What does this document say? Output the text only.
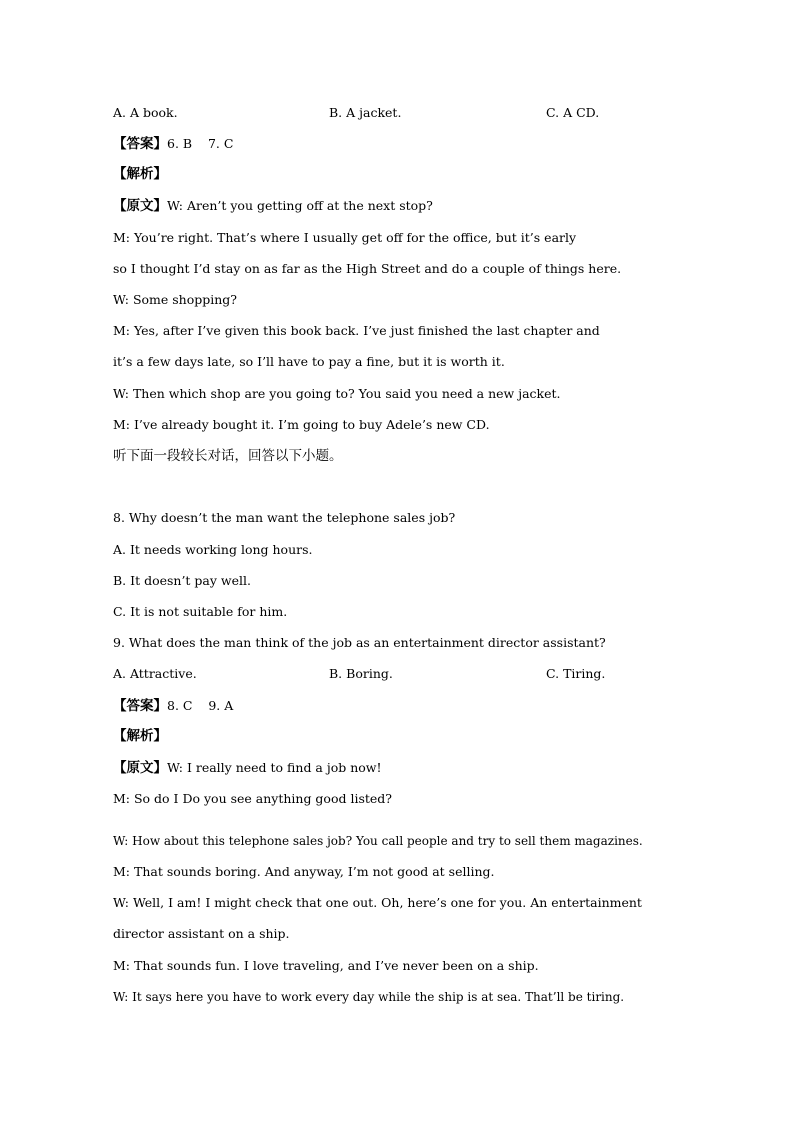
A. A book.	B. A jacket.	C. A CD.
【答案】6. B    7. C
【解析】
【原文】W: Aren’t you getting off at the next stop?
M: You’re right. That’s where I usually get off for the office, but it’s early
so I thought I’d stay on as far as the High Street and do a couple of things here.
W: Some shopping?
M: Yes, after I’ve given this book back. I’ve just finished the last chapter and
it’s a few days late, so I’ll have to pay a fine, but it is worth it.
W: Then which shop are you going to? You said you need a new jacket.
M: I’ve already bought it. I’m going to buy Adele’s new CD.
听下面一段较长对话，回答以下小题。
8. Why doesn’t the man want the telephone sales job?
A. It needs working long hours.
B. It doesn’t pay well.
C. It is not suitable for him.
9. What does the man think of the job as an entertainment director assistant?
A. Attractive.	B. Boring.	C. Tiring.
【答案】8. C    9. A
【解析】
【原文】W: I really need to find a job now!
M: So do I Do you see anything good listed?
W: How about this telephone sales job? You call people and try to sell them magazines.
M: That sounds boring. And anyway, I’m not good at selling.
W: Well, I am! I might check that one out. Oh, here’s one for you. An entertainment
director assistant on a ship.
M: That sounds fun. I love traveling, and I’ve never been on a ship.
W: It says here you have to work every day while the ship is at sea. That’ll be tiring.
